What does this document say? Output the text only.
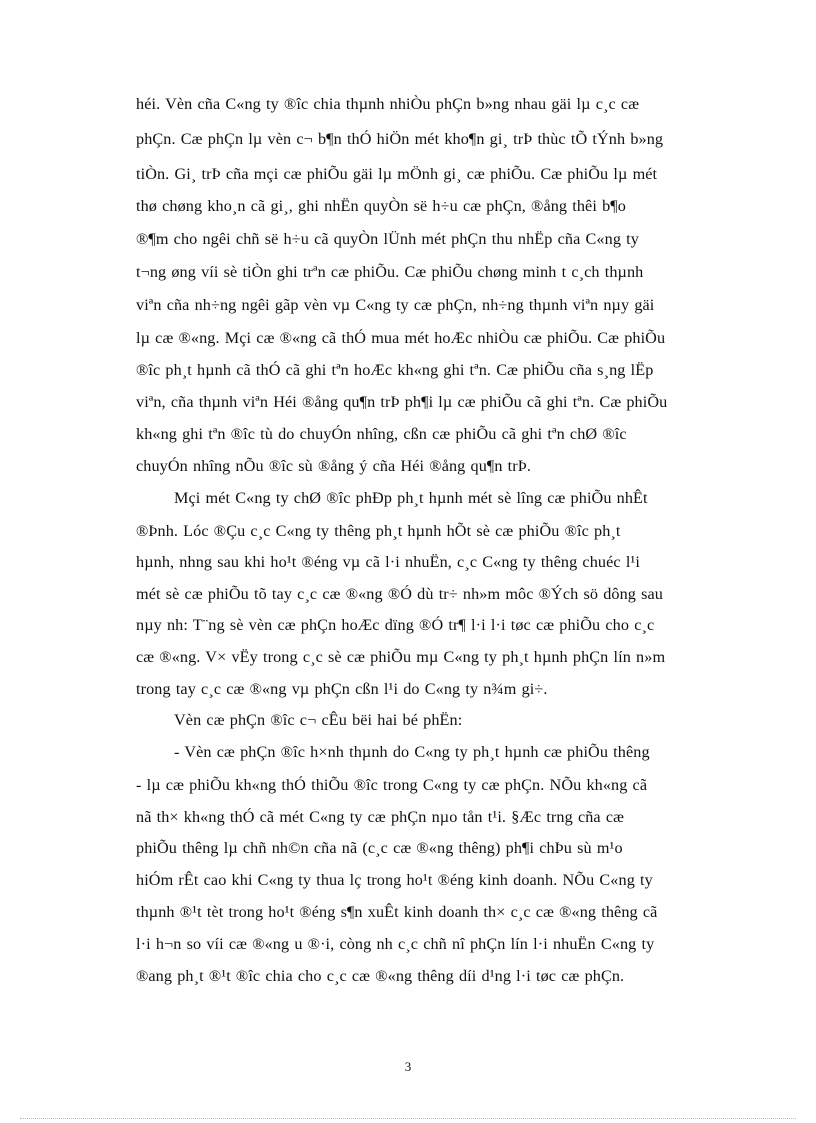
héi. Vèn cña C«ng ty ®îc chia thµnh nhiÒu phÇn b»ng nhau gäi lµ c¸c cæ
phÇn. Cæ phÇn lµ vèn c¬ b¶n thÓ hiÖn mét kho¶n gi¸ trÞ thùc tÕ tÝnh b»ng
tiÒn. Gi¸ trÞ cña mçi cæ phiÕu gäi lµ mÖnh gi¸ cæ phiÕu. Cæ phiÕu lµ mét
thø chøng kho¸n cã gi¸, ghi nhËn quyÒn së h÷u cæ phÇn, ®ång thêi b¶o
®¶m cho ngêi chñ së h÷u cã quyÒn lÜnh mét phÇn thu nhËp cña C«ng ty
t¬ng øng víi sè tiÒn ghi trªn cæ phiÕu. Cæ phiÕu chøng minh t c¸ch thµnh
viªn cña nh÷ng ngêi gãp vèn vµ C«ng ty cæ phÇn, nh÷ng thµnh viªn nµy gäi
lµ cæ ®«ng. Mçi cæ ®«ng cã thÓ mua mét hoÆc nhiÒu cæ phiÕu. Cæ phiÕu
®îc ph¸t hµnh cã thÓ cã ghi tªn hoÆc kh«ng ghi tªn. Cæ phiÕu cña s¸ng lËp
viªn, cña thµnh viªn Héi ®ång qu¶n trÞ ph¶i lµ cæ phiÕu cã ghi tªn. Cæ phiÕu
kh«ng ghi tªn ®îc tù do chuyÓn nhîng, cßn cæ phiÕu cã ghi tªn chØ ®îc
chuyÓn nhîng nÕu ®îc sù ®ång ý cña Héi ®ång qu¶n trÞ.
Mçi mét C«ng ty chØ ®îc phÐp ph¸t hµnh mét sè lîng cæ phiÕu nhÊt
®Þnh. Lóc ®Çu c¸c C«ng ty thêng ph¸t hµnh hÕt sè cæ phiÕu ®îc ph¸t
hµnh, nhng sau khi ho¹t ®éng vµ cã l·i nhuËn, c¸c C«ng ty thêng chuéc l¹i
mét sè cæ phiÕu tõ tay c¸c cæ ®«ng ®Ó dù tr÷ nh»m môc ®Ých sö dông sau
nµy nh: T¨ng sè vèn cæ phÇn hoÆc dïng ®Ó tr¶ l·i l·i tøc cæ phiÕu cho c¸c
cæ ®«ng. V× vËy trong c¸c sè cæ phiÕu mµ C«ng ty ph¸t hµnh phÇn lín n»m
trong tay c¸c cæ ®«ng vµ phÇn cßn l¹i do C«ng ty n¾m gi÷.
Vèn cæ phÇn ®îc c¬ cÊu bëi hai bé phËn:
- Vèn cæ phÇn ®îc h×nh thµnh do C«ng ty ph¸t hµnh cæ phiÕu thêng
- lµ cæ phiÕu kh«ng thÓ thiÕu ®îc trong C«ng ty cæ phÇn. NÕu kh«ng cã
nã th× kh«ng thÓ cã mét C«ng ty cæ phÇn nµo tån t¹i. §Æc trng cña cæ
phiÕu thêng lµ chñ nh©n cña nã (c¸c cæ ®«ng thêng) ph¶i chÞu sù m¹o
hiÓm rÊt cao khi C«ng ty thua lç trong ho¹t ®éng kinh doanh. NÕu C«ng ty
thµnh ®¹t tèt trong ho¹t ®éng s¶n xuÊt kinh doanh th× c¸c cæ ®«ng thêng cã
l·i h¬n so víi cæ ®«ng u ®·i, còng nh c¸c chñ nî phÇn lín l·i nhuËn C«ng ty
®ang ph¸t ®¹t ®îc chia cho c¸c cæ ®«ng thêng díi d¹ng l·i tøc cæ phÇn.
3
